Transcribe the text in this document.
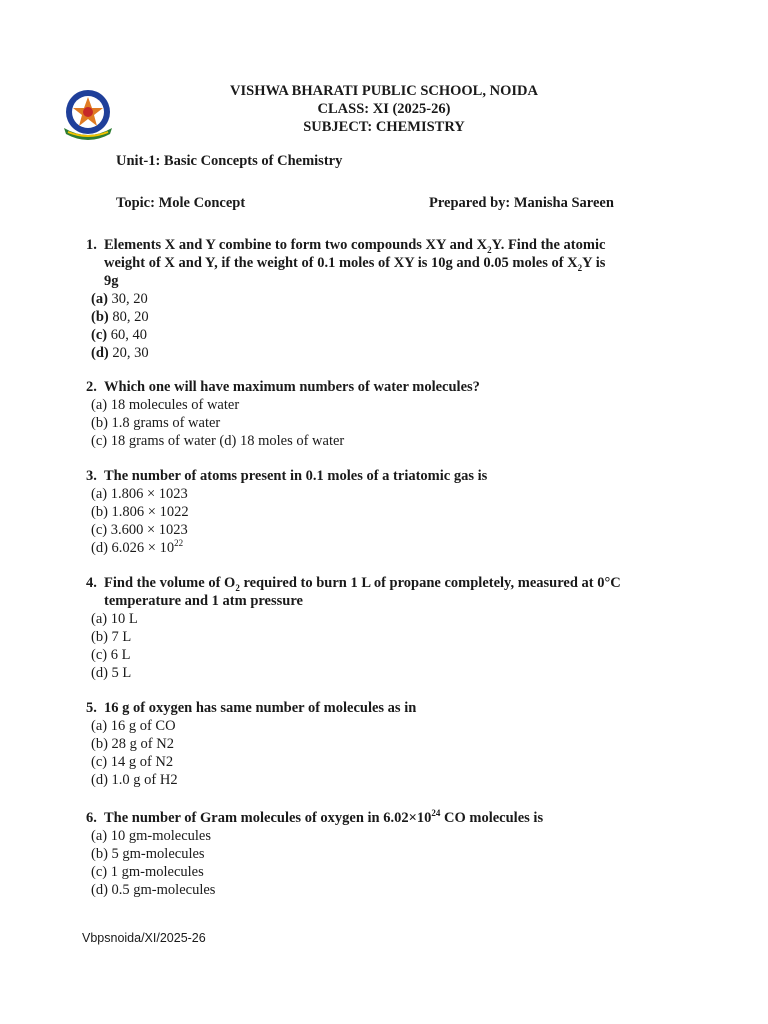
VISHWA BHARATI PUBLIC SCHOOL, NOIDA
CLASS: XI (2025-26)
SUBJECT: CHEMISTRY
Unit-1: Basic Concepts of Chemistry
Topic: Mole Concept	Prepared by: Manisha Sareen
1. Elements X and Y combine to form two compounds XY and $X_2Y$. Find the atomic
weight of X and Y, if the weight of 0.1 moles of XY is 10g and 0.05 moles of $X_2Y$ is
9g
(a) 30, 20
(b) 80, 20
(c) 60, 40
(d) 20, 30
2. Which one will have maximum numbers of water molecules?
(a) 18 molecules of water
(b) 1.8 grams of water
(c) 18 grams of water (d) 18 moles of water
3. The number of atoms present in 0.1 moles of a triatomic gas is
(a) 1.806 × 1023
(b) 1.806 × 1022
(c) 3.600 × 1023
(d) $6.026 \times 10^{22}$
4. Find the volume of $O_2$ required to burn 1 L of propane completely, measured at 0°C
temperature and 1 atm pressure
(a) 10 L
(b) 7 L
(c) 6 L
(d) 5 L
5. 16 g of oxygen has same number of molecules as in
(a) 16 g of CO
(b) 28 g of N2
(c) 14 g of N2
(d) 1.0 g of H2
6. The number of Gram molecules of oxygen in $6.02\times 10^{24}$ CO molecules is
(a) 10 gm-molecules
(b) 5 gm-molecules
(c) 1 gm-molecules
(d) 0.5 gm-molecules
Vbpsnoida/XI/2025-26
